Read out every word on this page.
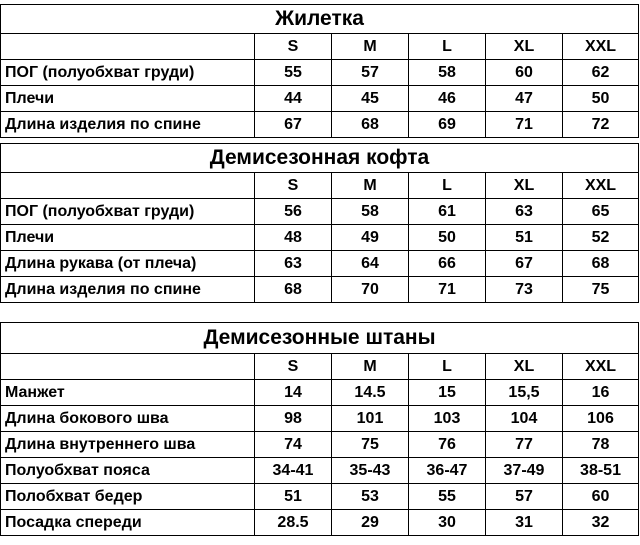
Жилетка					
	S	M	L	XL	XXL
ПОГ (полуобхват груди)	55	57	58	60	62
Плечи	44	45	46	47	50
Длина изделия по спине	67	68	69	71	72
Демисезонная кофта					
	S	M	L	XL	XXL
ПОГ (полуобхват груди)	56	58	61	63	65
Плечи	48	49	50	51	52
Длина рукава (от плеча)	63	64	66	67	68
Длина изделия по спине	68	70	71	73	75
Демисезонные штаны					
	S	M	L	XL	XXL
Манжет	14	14.5	15	15,5	16
Длина бокового шва	98	101	103	104	106
Длина внутреннего шва	74	75	76	77	78
Полуобхват пояса	34-41	35-43	36-47	37-49	38-51
Полобхват бедер	51	53	55	57	60
Посадка спереди	28.5	29	30	31	32
